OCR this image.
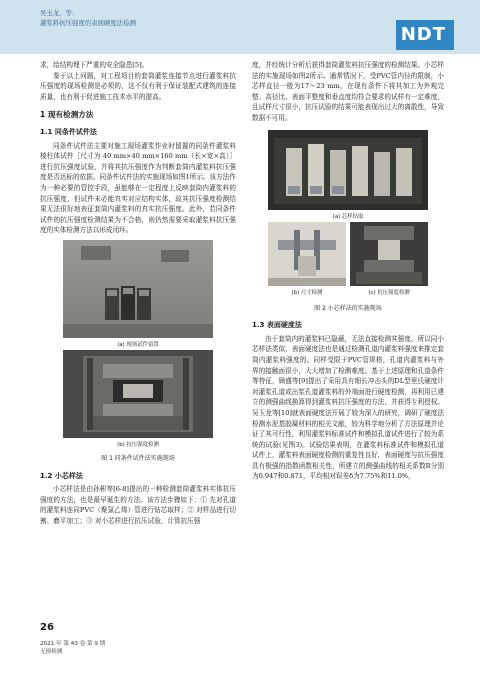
吴玉龙，等：
灌浆料抗压强度的表面硬度法检测
NDT

求，给结构埋下严重的安全隐患[5]。

鉴于以上问题，对工程项目的套筒灌浆连接节点进行灌浆料抗压强度的现场检测是必须的，这不仅有利于保证装配式建筑的连接质量，也有利于促进施工技术水平的提高。

1 现有检测方法
1.1 同条件试件法

同条件试件法主要对施工现场灌浆作业时留置的同条件灌浆料棱柱体试件［尺寸为 40 mm×40 mm×160 mm（长×宽×高）］进行抗压强度试验，并将其抗压强度作为判断套筒内灌浆料抗压强度是否达标的依据。同条件试件法的实施现场如图1所示。该方法作为一种必要的管控手段，虽能够在一定程度上反映套筒内灌浆料的抗压强度，但试件未必能真实对应结构实体，故其抗压强度检测结果无法很好地表征套筒内灌浆料的真实抗压强度。此外，若同条件试件的抗压强度检测结果为不合格，则仍然需要采取灌浆料抗压强度的实体检测方法以形成闭环。

(a) 现场试件留置
(b) 抗压强度检测
图 1 同条件试件法实施现场
1.2 小芯样法

小芯样法是由孙彬等[6-8]提出的一种检测套筒灌浆料实体抗压强度的方法，也是最早诞生的方法。该方法步骤如下：① 先对孔道的灌浆料连同PVC（聚氯乙烯）管进行钻芯取样；② 对样品进行切割、磨平加工；③ 对小芯样进行抗压试验，计算抗压强

度，并经统计分析后获得套筒灌浆料抗压强度的检测结果。小芯样法的实施现场如图2所示。通常情况下，受PVC管内径的限制，小芯样直径一般为17～23 mm。在现有条件下将其加工为外观完整、高径比、表面平整度和垂直度均符合要求的试样有一定难度，且试样尺寸很小，抗压试验的结果可能表现出过大的离散性，导致数据不可用。

(a) 芯样钻取
(b) 尺寸检测	(c) 抗压强度检测
图 2 小芯样法的实施现场
1.3 表面硬度法

由于套筒内的灌浆料已隐蔽，无法直接检测其强度，所以同小芯样法类似，表面硬度法也是通过检测孔道内灌浆料强度来推定套筒内灌浆料强度的。同样受限于PVC管规格，孔道内灌浆料与外界的接触面很小，大大增加了检测难度。基于上述原理和孔道条件等特征，顾盛等[9]提出了采用具有细长冲击头的DL型里氏硬度计对灌浆孔道或出浆孔道灌浆料的外端面进行硬度检测，再利用已建立的测强曲线换算得到灌浆料抗压强度的方法，并获得专利授权。吴玉龙等[10]就表面硬度法开展了较为深入的研究，调研了硬度法检测水泥基胶凝材料的相关文献，较为科学地分析了方法原理并论证了其可行性，利用灌浆料标准试件和模拟孔道试件进行了较为系统的试验(见图3)。试验结果表明，在灌浆料标准试件和模拟孔道试件上，灌浆料表面硬度检测的重复性良好，表面硬度与抗压强度具有极强的指数函数相关性，所建立的测强曲线的相关系数R分别为0.947和0.871，平均相对误差δ为7.75%和11.0%，

26
2021 年 第 43 卷 第 9 期
无损检测
